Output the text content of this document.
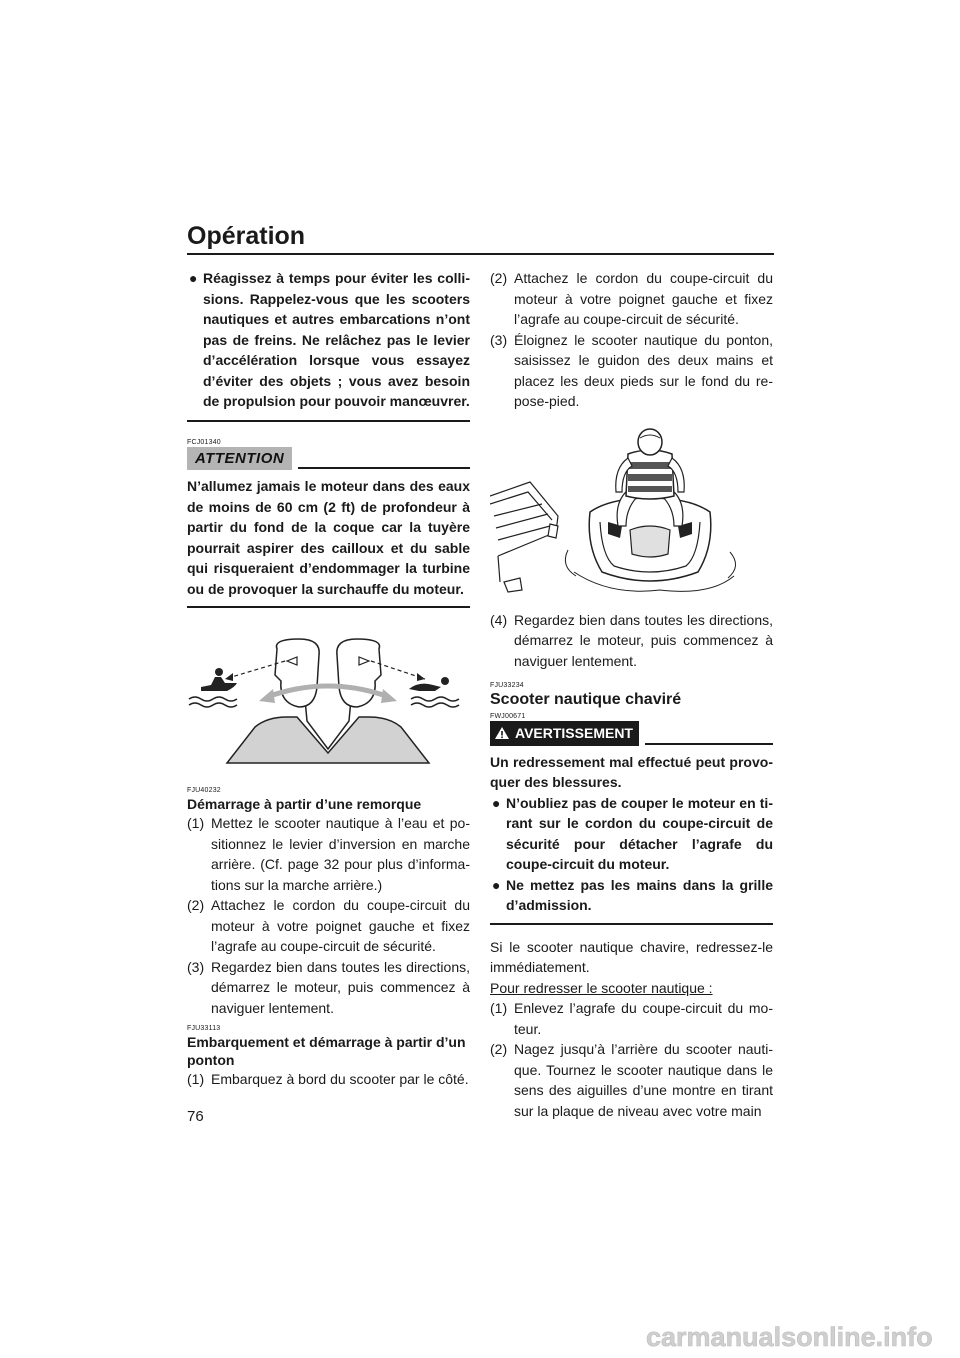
Opération
● Réagissez à temps pour éviter les collisions. Rappelez-vous que les scooters nautiques et autres embarcations n’ont pas de freins. Ne relâchez pas le levier d’accélération lorsque vous essayez d’éviter des objets ; vous avez besoin de propulsion pour pouvoir manœuvrer.
FCJ01340
ATTENTION
N’allumez jamais le moteur dans des eaux de moins de 60 cm (2 ft) de profondeur à partir du fond de la coque car la tuyère pourrait aspirer des cailloux et du sable qui risqueraient d’endommager la turbine ou de provoquer la surchauffe du moteur.
FJU40232
Démarrage à partir d’une remorque
(1) Mettez le scooter nautique à l’eau et positionnez le levier d’inversion en marche arrière. (Cf. page 32 pour plus d’informations sur la marche arrière.)
(2) Attachez le cordon du coupe-circuit du moteur à votre poignet gauche et fixez l’agrafe au coupe-circuit de sécurité.
(3) Regardez bien dans toutes les directions, démarrez le moteur, puis commencez à naviguer lentement.
FJU33113
Embarquement et démarrage à partir d’un ponton
(1) Embarquez à bord du scooter par le côté.
(2) Attachez le cordon du coupe-circuit du moteur à votre poignet gauche et fixez l’agrafe au coupe-circuit de sécurité.
(3) Éloignez le scooter nautique du ponton, saisissez le guidon des deux mains et placez les deux pieds sur le fond du repose-pied.
(4) Regardez bien dans toutes les directions, démarrez le moteur, puis commencez à naviguer lentement.
FJU33234
Scooter nautique chaviré
FWJ00671
AVERTISSEMENT
Un redressement mal effectué peut provoquer des blessures.
● N’oubliez pas de couper le moteur en tirant sur le cordon du coupe-circuit de sécurité pour détacher l’agrafe du coupe-circuit du moteur.
● Ne mettez pas les mains dans la grille d’admission.
Si le scooter nautique chavire, redressez-le immédiatement.
Pour redresser le scooter nautique :
(1) Enlevez l’agrafe du coupe-circuit du moteur.
(2) Nagez jusqu’à l’arrière du scooter nautique. Tournez le scooter nautique dans le sens des aiguilles d’une montre en tirant sur la plaque de niveau avec votre main
76
carmanualsonline.info
